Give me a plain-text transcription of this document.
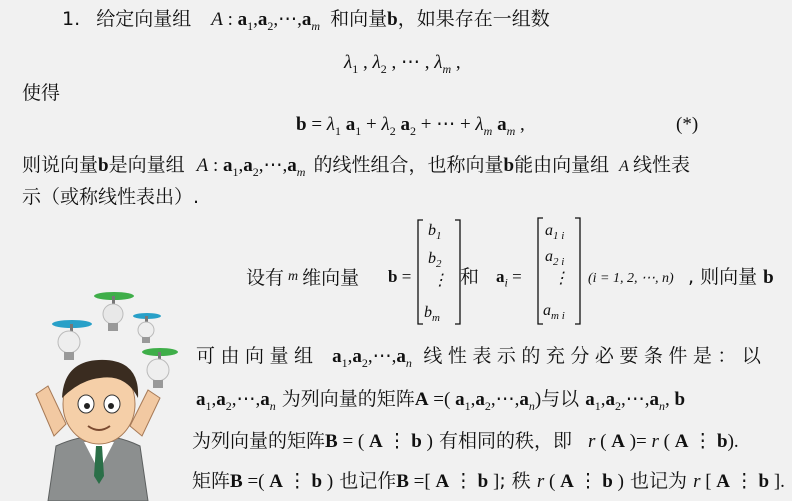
1. 给定向量组 A : $a_1,a_2,\cdots,a_m$ 和向量b，如果存在一组数
$\lambda_1$ , $\lambda_2$ , ⋯ , $\lambda_m$ ,
使得
$b = \lambda_1$ $a_1 + \lambda_2$ $a_2$ + ⋯ + $\lambda_m$ $a_m$ ,	(*)
则说向量b是向量组 A : $a_1,a_2,\cdots,a_m$ 的线性组合，也称向量b能由向量组 A 线性表
示（或称线性表出）.
设有 $^m$ 维向量 b =
$b_1$
$b_2$
⋮
$b_m$
和 $a_i$ =
$a_{1 i}$
$a_{2 i}$
⋮
$a_{m i}$
(i = 1, 2, ⋯, n) , 则向量 b
可由向量组 $a_1,a_2,\cdots,a_n$ 线性表示的充分必要条件是：以
$a_1,a_2,\cdots,a_n$ 为列向量的矩阵A =( $a_1,a_2,\cdots,a_n$)与以 $a_1,a_2,\cdots,a_n$, b
为列向量的矩阵B = ( A ⋮ b ) 有相同的秩，即 r ( A )= r ( A ⋮ b).
矩阵B =( A ⋮ b ) 也记作B =[ A ⋮ b ]; 秩 r ( A ⋮ b ) 也记为 r [ A ⋮ b ].
